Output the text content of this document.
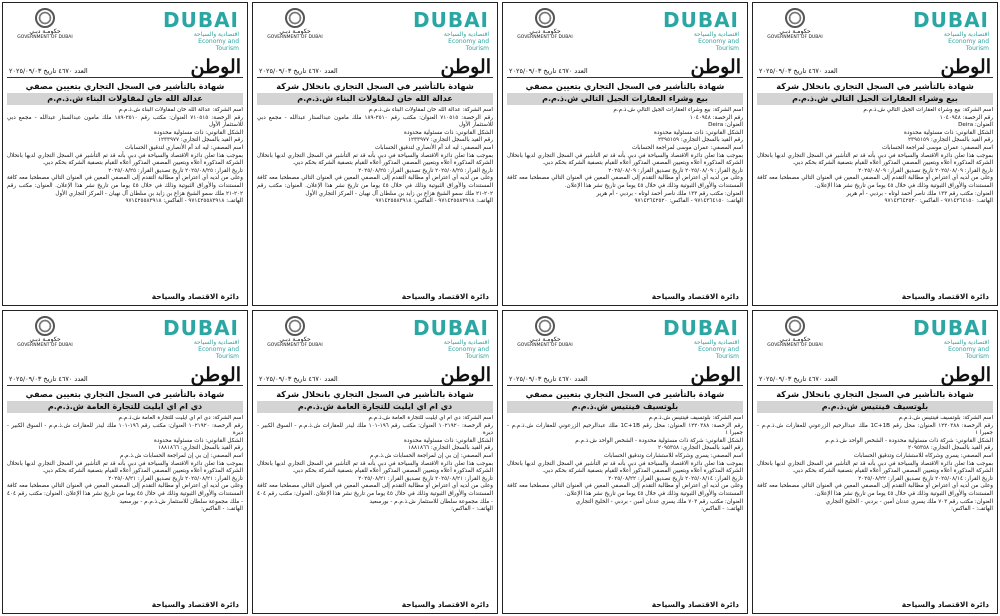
DUBAI
اقتصادية والسياحة
Economy and Tourism
حكومـة دبـي
GOVERNMENT OF DUBAI
الوطن
العدد ٤٦٧٠ تاريخ ٢٠٢٥/٠٩/٠٣
شهادة بالتأشير في السجل التجاري بانحلال شركة
بيع وشراء العقارات الجيل التالي ش.ذ.م.م

اسم الشركة: بيع وشراء العقارات الجيل التالي ش.ذ.م.م

رقم الرخصة: ١٠٤٠٩٤٨

العنوان: Deira

الشكل القانوني: ذات مسئولية محدودة

رقم القيد بالسجل التجاري: ٢٣٩٥١٥٩

اسم المصفي: عمران موسى لمراجعة الحسابات

بموجب هذا تعلن دائرة الاقتصاد والسياحة في دبي بأنه قد تم التأشير في السجل التجاري لديها بانحلال الشركة المذكورة أعلاه وبتعيين المصفي المذكور أعلاه للقيام بتصفية الشركة بحكم دبي.

تاريخ القرار: ٢٠٢٥/٠٨/٠٩ تاريخ تصديق القرار: ٢٠٢٥/٠٨/٠٩

وعلى من لديه أي اعتراض أو مطالبة التقدم إلى المصفي المعين في العنوان التالي مصطحبا معه كافة المستندات والأوراق الثبوتية وذلك في خلال ٤٥ يوما من تاريخ نشر هذا الإعلان.

العنوان: مكتب رقم ١٣٣ ملك ناصر أحمد لوتاه - بردبي - أم هرير

الهاتف: ٩٧١٤٣٦٤١٥٠ - الفاكس: ٩٧١٤٣٦٤٢٥٢٠

دائرة الاقتصاد والسياحة
DUBAI
اقتصادية والسياحة
Economy and Tourism
حكومـة دبـي
GOVERNMENT OF DUBAI
الوطن
العدد ٤٦٧٠ تاريخ ٢٠٢٥/٠٩/٠٣
شهادة بالتأشير في السجل التجاري بتعيين مصفي
بيع وشراء العقارات الجيل التالي ش.ذ.م.م

اسم الشركة: بيع وشراء العقارات الجيل التالي ش.ذ.م.م

رقم الرخصة: ١٠٤٠٩٤٨

العنوان: Deira

الشكل القانوني: ذات مسئولية محدودة

رقم القيد بالسجل التجاري: ٢٣٩٥١٥٩

اسم المصفي: عمران موسى لمراجعة الحسابات

بموجب هذا تعلن دائرة الاقتصاد والسياحة في دبي بأنه قد تم التأشير في السجل التجاري لديها بانحلال الشركة المذكورة أعلاه وبتعيين المصفي المذكور أعلاه للقيام بتصفية الشركة بحكم دبي.

تاريخ القرار: ٢٠٢٥/٠٨/٠٩ تاريخ تصديق القرار: ٢٠٢٥/٠٨/٠٩

وعلى من لديه أي اعتراض أو مطالبة التقدم إلى المصفي المعين في العنوان التالي مصطحبا معه كافة المستندات والأوراق الثبوتية وذلك في خلال ٤٥ يوما من تاريخ نشر هذا الإعلان.

العنوان: مكتب رقم ١٣٣ ملك ناصر أحمد لوتاه - بردبي - أم هرير

الهاتف: ٩٧١٤٣٦٤١٥٠ - الفاكس: ٩٧١٤٣٦٤٢٥٢٠

دائرة الاقتصاد والسياحة
DUBAI
اقتصادية والسياحة
Economy and Tourism
حكومـة دبـي
GOVERNMENT OF DUBAI
الوطن
العدد ٤٦٧٠ تاريخ ٢٠٢٥/٠٩/٠٣
شهادة بالتأشير في السجل التجاري بانحلال شركة
عدالة الله خان لمقاولات البناء ش.ذ.م.م

اسم الشركة: عدالة الله خان لمقاولات البناء ش.ذ.م.م

رقم الرخصة: ٧١٠٥١٥ العنوان: مكتب رقم ٢٥١٠-١٨٩ ملك مامون عبدالستار عبدالله - مجمع دبي للاستثمار الأول

الشكل القانوني: ذات مسئولية محدودة

رقم القيد بالسجل التجاري: ١٢٣٣٩٧٧

اسم المصفي: ليه اند آم الأنصاري لتدقيق الحسابات

بموجب هذا تعلن دائرة الاقتصاد والسياحة في دبي بأنه قد تم التأشير في السجل التجاري لديها بانحلال الشركة المذكورة أعلاه وبتعيين المصفي المذكور أعلاه للقيام بتصفية الشركة بحكم دبي.

تاريخ القرار: ٢٠٢٥/٠٨/٢٥ تاريخ تصديق القرار: ٢٠٢٥/٠٨/٢٥

وعلى من لديه أي اعتراض أو مطالبة التقدم إلى المصفي المعين في العنوان التالي مصطحبا معه كافة المستندات والأوراق الثبوتية وذلك في خلال ٤٥ يوما من تاريخ نشر هذا الإعلان. العنوان: مكتب رقم ٢٠٢-٢١ ملك سمو الشيخ هزاع بن زايد بن سلطان آل نهيان - المركز التجاري الأول

الهاتف: ٩٧١٤٢٥٥٨٣٩١٨ - الفاكس: ٩٧١٤٢٥٥٨٣٩١٨

دائرة الاقتصاد والسياحة
DUBAI
اقتصادية والسياحة
Economy and Tourism
حكومـة دبـي
GOVERNMENT OF DUBAI
الوطن
العدد ٤٦٧٠ تاريخ ٢٠٢٥/٠٩/٠٣
شهادة بالتأشير في السجل التجاري بتعيين مصفي
عدالة الله خان لمقاولات البناء ش.ذ.م.م

اسم الشركة: عدالة الله خان لمقاولات البناء ش.ذ.م.م

رقم الرخصة: ٧١٠٥١٥ العنوان: مكتب رقم ٢٥١٠-١٨٩ ملك مامون عبدالستار عبدالله - مجمع دبي للاستثمار الأول

الشكل القانوني: ذات مسئولية محدودة

رقم القيد بالسجل التجاري: ١٢٣٣٩٧٧

اسم المصفي: ليه اند آم الأنصاري لتدقيق الحسابات

بموجب هذا تعلن دائرة الاقتصاد والسياحة في دبي بأنه قد تم التأشير في السجل التجاري لديها بانحلال الشركة المذكورة أعلاه وبتعيين المصفي المذكور أعلاه للقيام بتصفية الشركة بحكم دبي.

تاريخ القرار: ٢٠٢٥/٠٨/٢٥ تاريخ تصديق القرار: ٢٠٢٥/٠٨/٢٥

وعلى من لديه أي اعتراض أو مطالبة التقدم إلى المصفي المعين في العنوان التالي مصطحبا معه كافة المستندات والأوراق الثبوتية وذلك في خلال ٤٥ يوما من تاريخ نشر هذا الإعلان. العنوان: مكتب رقم ٢٠٢-٢١ ملك سمو الشيخ هزاع بن زايد بن سلطان آل نهيان - المركز التجاري الأول

الهاتف: ٩٧١٤٢٥٥٨٣٩١٨ - الفاكس: ٩٧١٤٢٥٥٨٣٩١٨

دائرة الاقتصاد والسياحة
DUBAI
اقتصادية والسياحة
Economy and Tourism
حكومـة دبـي
GOVERNMENT OF DUBAI
الوطن
العدد ٤٦٧٠ تاريخ ٢٠٢٥/٠٩/٠٣
شهادة بالتأشير في السجل التجاري بانحلال شركة
بلوتسيف فينتيس ش.ذ.م.م

اسم الشركة: بلوتسيف فينتيس ش.ذ.م.م

رقم الرخصة: ١٢٢٠٣٨٨ العنوان: محل رقم 1C+1B ملك عبدالرحيم الزرعوني للعقارات ش.ذ.م.م - جميرا ١

الشكل القانوني: شركة ذات مسئولية محدودة - الشخص الواحد ش.ذ.م.م

رقم القيد بالسجل التجاري: ٢٠٩٥٣٥٨

اسم المصفي: يسري وشركاه للاستشارات وتدقيق الحسابات

بموجب هذا تعلن دائرة الاقتصاد والسياحة في دبي بأنه قد تم التأشير في السجل التجاري لديها بانحلال الشركة المذكورة أعلاه وبتعيين المصفي المذكور أعلاه للقيام بتصفية الشركة بحكم دبي.

تاريخ القرار: ٢٠٢٥/٠٨/١٤ تاريخ تصديق القرار: ٢٠٢٥/٠٨/٢٢

وعلى من لديه أي اعتراض أو مطالبة التقدم إلى المصفي المعين في العنوان التالي مصطحبا معه كافة المستندات والأوراق الثبوتية وذلك في خلال ٤٥ يوما من تاريخ نشر هذا الإعلان.

العنوان: مكتب رقم ٧٠٣ ملك يسري عدنان أمين - بردبي - الخليج التجاري

الهاتف: - الفاكس:

دائرة الاقتصاد والسياحة
DUBAI
اقتصادية والسياحة
Economy and Tourism
حكومـة دبـي
GOVERNMENT OF DUBAI
الوطن
العدد ٤٦٧٠ تاريخ ٢٠٢٥/٠٩/٠٣
شهادة بالتأشير في السجل التجاري بتعيين مصفي
بلوتسيف فينتيس ش.ذ.م.م

اسم الشركة: بلوتسيف فينتيس ش.ذ.م.م

رقم الرخصة: ١٢٢٠٣٨٨ العنوان: محل رقم 1C+1B ملك عبدالرحيم الزرعوني للعقارات ش.ذ.م.م - جميرا ١

الشكل القانوني: شركة ذات مسئولية محدودة - الشخص الواحد ش.ذ.م.م

رقم القيد بالسجل التجاري: ٢٠٩٥٣٥٨

اسم المصفي: يسري وشركاه للاستشارات وتدقيق الحسابات

بموجب هذا تعلن دائرة الاقتصاد والسياحة في دبي بأنه قد تم التأشير في السجل التجاري لديها بانحلال الشركة المذكورة أعلاه وبتعيين المصفي المذكور أعلاه للقيام بتصفية الشركة بحكم دبي.

تاريخ القرار: ٢٠٢٥/٠٨/١٤ تاريخ تصديق القرار: ٢٠٢٥/٠٨/٢٢

وعلى من لديه أي اعتراض أو مطالبة التقدم إلى المصفي المعين في العنوان التالي مصطحبا معه كافة المستندات والأوراق الثبوتية وذلك في خلال ٤٥ يوما من تاريخ نشر هذا الإعلان.

العنوان: مكتب رقم ٧٠٣ ملك يسري عدنان أمين - بردبي - الخليج التجاري

الهاتف: - الفاكس:

دائرة الاقتصاد والسياحة
DUBAI
اقتصادية والسياحة
Economy and Tourism
حكومـة دبـي
GOVERNMENT OF DUBAI
الوطن
العدد ٤٦٧٠ تاريخ ٢٠٢٥/٠٩/٠٣
شهادة بالتأشير في السجل التجاري بانحلال شركة
دي ام اي ايليت للتجارة العامة ش.ذ.م.م

اسم الشركة: دي ام اي ايليت للتجارة العامة ش.ذ.م.م

رقم الرخصة: ١٠٢١٩٢٠ العنوان: مكتب رقم ١٩٦-١٠١ ملك ليدر للعقارات ش.ذ.م.م - السوق الكبير - ديرة

الشكل القانوني: ذات مسئولية محدودة

رقم القيد بالسجل التجاري: ١٨٨١٨٦٦

اسم المصفي: إن بي إن لمراجعة الحسابات ش.ذ.م.م

بموجب هذا تعلن دائرة الاقتصاد والسياحة في دبي بأنه قد تم التأشير في السجل التجاري لديها بانحلال الشركة المذكورة أعلاه وبتعيين المصفي المذكور أعلاه للقيام بتصفية الشركة بحكم دبي.

تاريخ القرار: ٢٠٢٥/٠٨/٢١ تاريخ تصديق القرار: ٢٠٢٥/٠٨/٢١

وعلى من لديه أي اعتراض أو مطالبة التقدم إلى المصفي المعين في العنوان التالي مصطحبا معه كافة المستندات والأوراق الثبوتية وذلك في خلال ٤٥ يوما من تاريخ نشر هذا الإعلان. العنوان: مكتب رقم ٤٠٤ - ملك مجموعة سلطان للاستثمار ش.ذ.م.م - بورسعيد

الهاتف: - الفاكس:

دائرة الاقتصاد والسياحة
DUBAI
اقتصادية والسياحة
Economy and Tourism
حكومـة دبـي
GOVERNMENT OF DUBAI
الوطن
العدد ٤٦٧٠ تاريخ ٢٠٢٥/٠٩/٠٣
شهادة بالتأشير في السجل التجاري بتعيين مصفي
دي ام اي ايليت للتجارة العامة ش.ذ.م.م

اسم الشركة: دي ام اي ايليت للتجارة العامة ش.ذ.م.م

رقم الرخصة: ١٠٢١٩٢٠ العنوان: مكتب رقم ١٩٦-١٠١ ملك ليدر للعقارات ش.ذ.م.م - السوق الكبير - ديرة

الشكل القانوني: ذات مسئولية محدودة

رقم القيد بالسجل التجاري: ١٨٨١٨٦٦

اسم المصفي: إن بي إن لمراجعة الحسابات ش.ذ.م.م

بموجب هذا تعلن دائرة الاقتصاد والسياحة في دبي بأنه قد تم التأشير في السجل التجاري لديها بانحلال الشركة المذكورة أعلاه وبتعيين المصفي المذكور أعلاه للقيام بتصفية الشركة بحكم دبي.

تاريخ القرار: ٢٠٢٥/٠٨/٢١ تاريخ تصديق القرار: ٢٠٢٥/٠٨/٢١

وعلى من لديه أي اعتراض أو مطالبة التقدم إلى المصفي المعين في العنوان التالي مصطحبا معه كافة المستندات والأوراق الثبوتية وذلك في خلال ٤٥ يوما من تاريخ نشر هذا الإعلان. العنوان: مكتب رقم ٤٠٤ - ملك مجموعة سلطان للاستثمار ش.ذ.م.م - بورسعيد

الهاتف: - الفاكس:

دائرة الاقتصاد والسياحة
